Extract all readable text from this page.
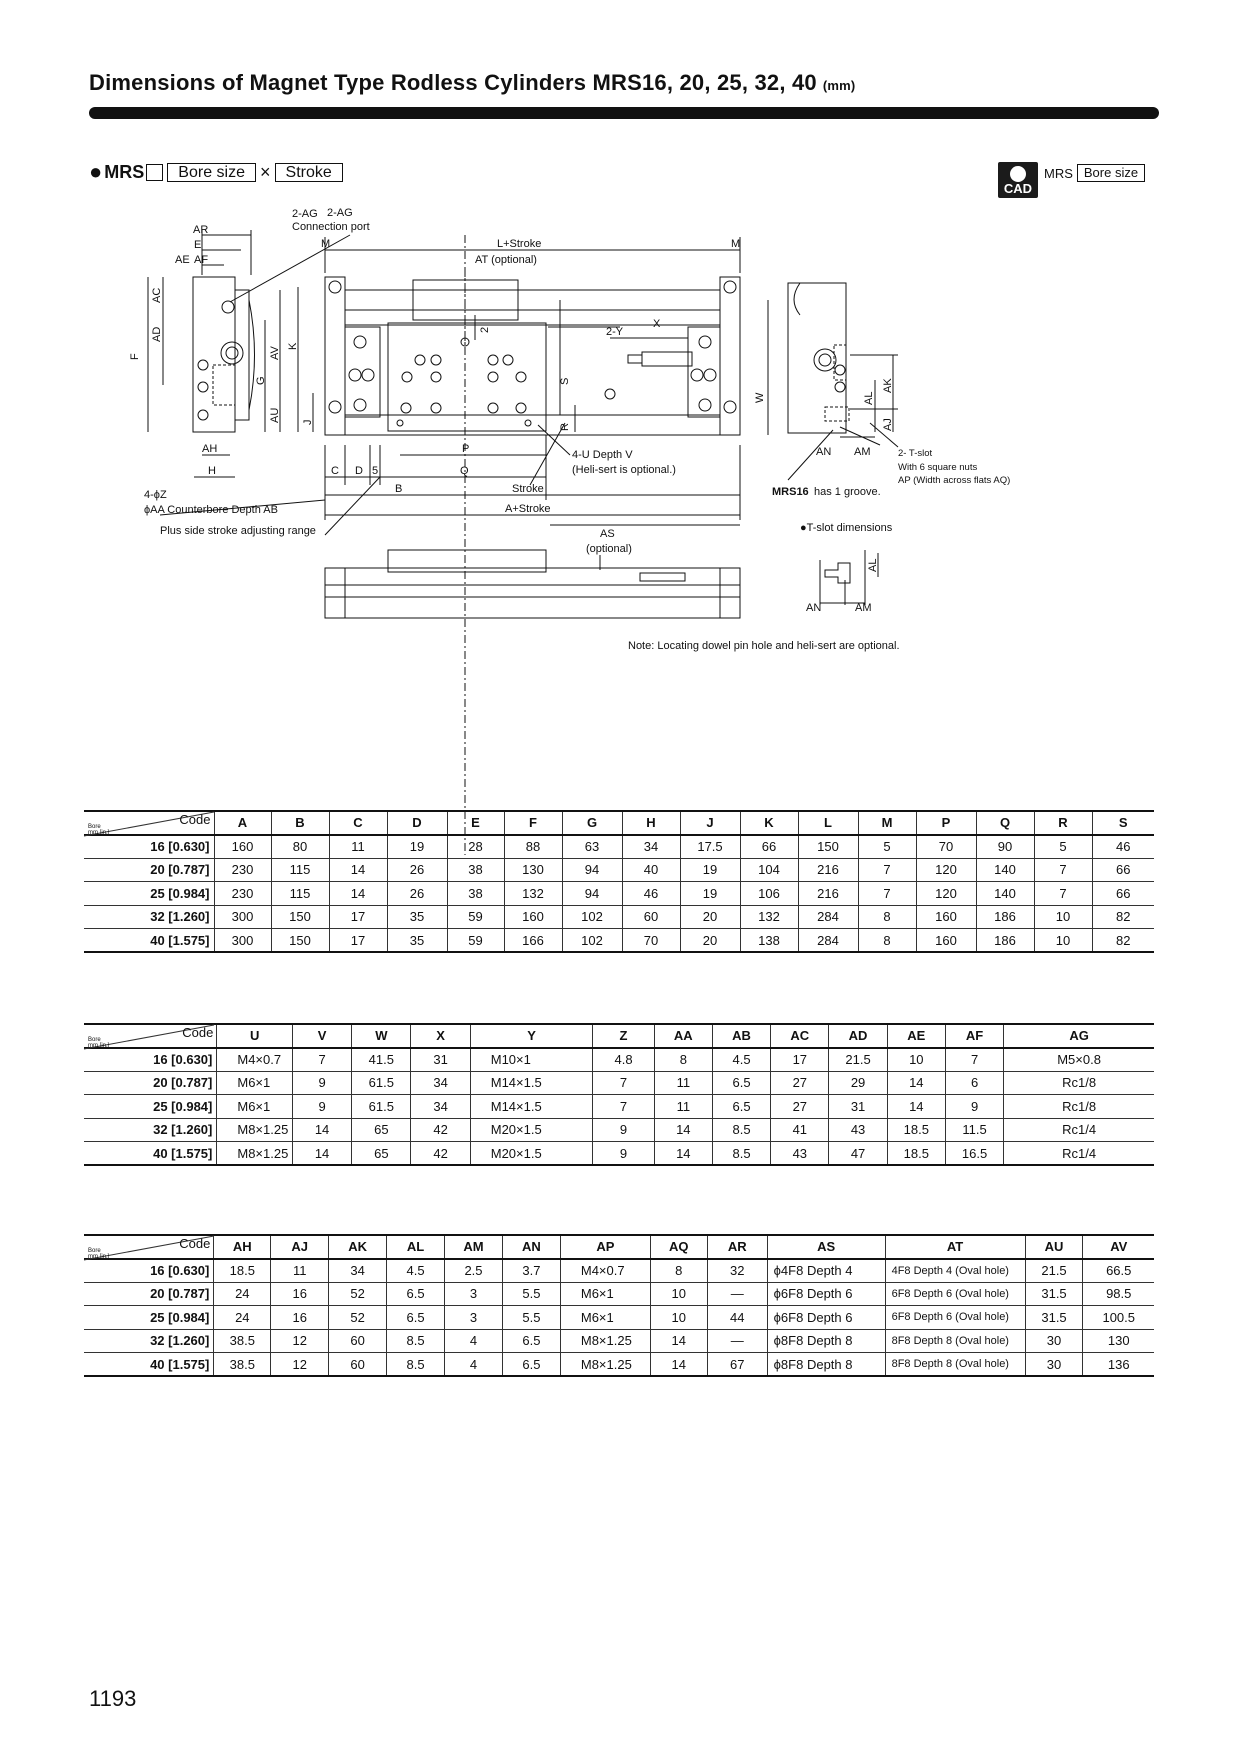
Dimensions of Magnet Type Rodless Cylinders MRS16, 20, 25, 32, 40 (mm)
● MRS	Bore size × Stroke
CAD
MRS Bore size
AR
E
AE AF
AC
AD
F	AV
G
AU
AH
H
K
J
2-AG
2-AG
Connection port
M	M
L+Stroke
AT (optional)
2	2-Y
X
S
R
W
P	4-U Depth V
(Heli-sert is optional.)
C D 5	Q
B	Stroke
A+Stroke
4-ϕZ
ϕAA Counterbore Depth AB
Plus side stroke adjusting range	AS
(optional)
AN AM
AL
AK
AJ
2- T-slot
With 6 square nuts
AP (Width across flats AQ)
MRS16 has 1 groove.
●T-slot dimensions
AL
AN	AM
Note: Locating dowel pin hole and heli-sert are optional.
Code
Bore
mm [in.]	A	B	C	D	E	F	G	H	J	K	L	M	P	Q	R	S
16 [0.630]	160	80	11	19	28	88	63	34	17.5	66	150	5	70	90	5	46
20 [0.787]	230	115	14	26	38	130	94	40	19	104	216	7	120	140	7	66
25 [0.984]	230	115	14	26	38	132	94	46	19	106	216	7	120	140	7	66
32 [1.260]	300	150	17	35	59	160	102	60	20	132	284	8	160	186	10	82
40 [1.575]	300	150	17	35	59	166	102	70	20	138	284	8	160	186	10	82
Code
Bore
mm [in.]	U	V	W	X	Y	Z	AA	AB	AC	AD	AE	AF	AG
16 [0.630]	M4×0.7	7	41.5	31	M10×1	4.8	8	4.5	17	21.5	10	7	M5×0.8
20 [0.787]	M6×1	9	61.5	34	M14×1.5	7	11	6.5	27	29	14	6	Rc1/8
25 [0.984]	M6×1	9	61.5	34	M14×1.5	7	11	6.5	27	31	14	9	Rc1/8
32 [1.260]	M8×1.25	14	65	42	M20×1.5	9	14	8.5	41	43	18.5	11.5	Rc1/4
40 [1.575]	M8×1.25	14	65	42	M20×1.5	9	14	8.5	43	47	18.5	16.5	Rc1/4
Code
Bore
mm [in.]	AH	AJ	AK	AL	AM	AN	AP	AQ	AR	AS	AT	AU	AV
16 [0.630]	18.5	11	34	4.5	2.5	3.7	M4×0.7	8	32	ϕ4F8 Depth 4	4F8 Depth 4 (Oval hole)	21.5	66.5
20 [0.787]	24	16	52	6.5	3	5.5	M6×1	10	—	ϕ6F8 Depth 6	6F8 Depth 6 (Oval hole)	31.5	98.5
25 [0.984]	24	16	52	6.5	3	5.5	M6×1	10	44	ϕ6F8 Depth 6	6F8 Depth 6 (Oval hole)	31.5	100.5
32 [1.260]	38.5	12	60	8.5	4	6.5	M8×1.25	14	—	ϕ8F8 Depth 8	8F8 Depth 8 (Oval hole)	30	130
40 [1.575]	38.5	12	60	8.5	4	6.5	M8×1.25	14	67	ϕ8F8 Depth 8	8F8 Depth 8 (Oval hole)	30	136
1193
